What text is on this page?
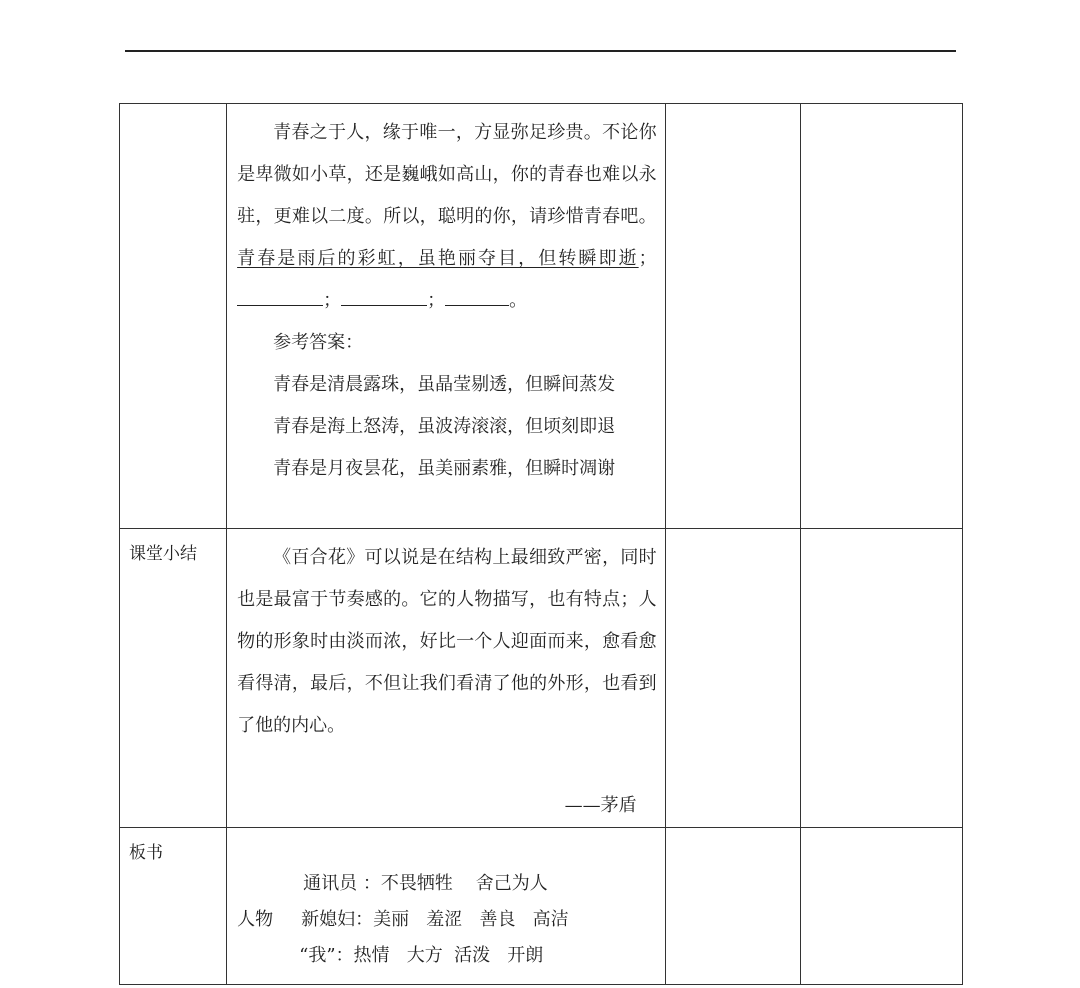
	青春之于人，缘于唯一，方显弥足珍贵。不论你是卑微如小草，还是巍峨如高山，你的青春也难以永驻，更难以二度。所以，聪明的你，请珍惜青春吧。青春是雨后的彩虹，虽艳丽夺目，但转瞬即逝；； ； 。

参考答案：

青春是清晨露珠，虽晶莹剔透，但瞬间蒸发

青春是海上怒涛，虽波涛滚滚，但顷刻即退

青春是月夜昙花，虽美丽素雅，但瞬时凋谢		

课堂小结	《百合花》可以说是在结构上最细致严密，同时也是最富于节奏感的。它的人物描写，也有特点；人物的形象时由淡而浓，好比一个人迎面而来，愈看愈看得清，最后，不但让我们看清了他的外形，也看到了他的内心。

——茅盾		

板书	通讯员 ：不畏牺牲    舍己为人

人物 新媳妇：美丽   羞涩   善良   高洁

“我”：热情   大方  活泼   开朗		
